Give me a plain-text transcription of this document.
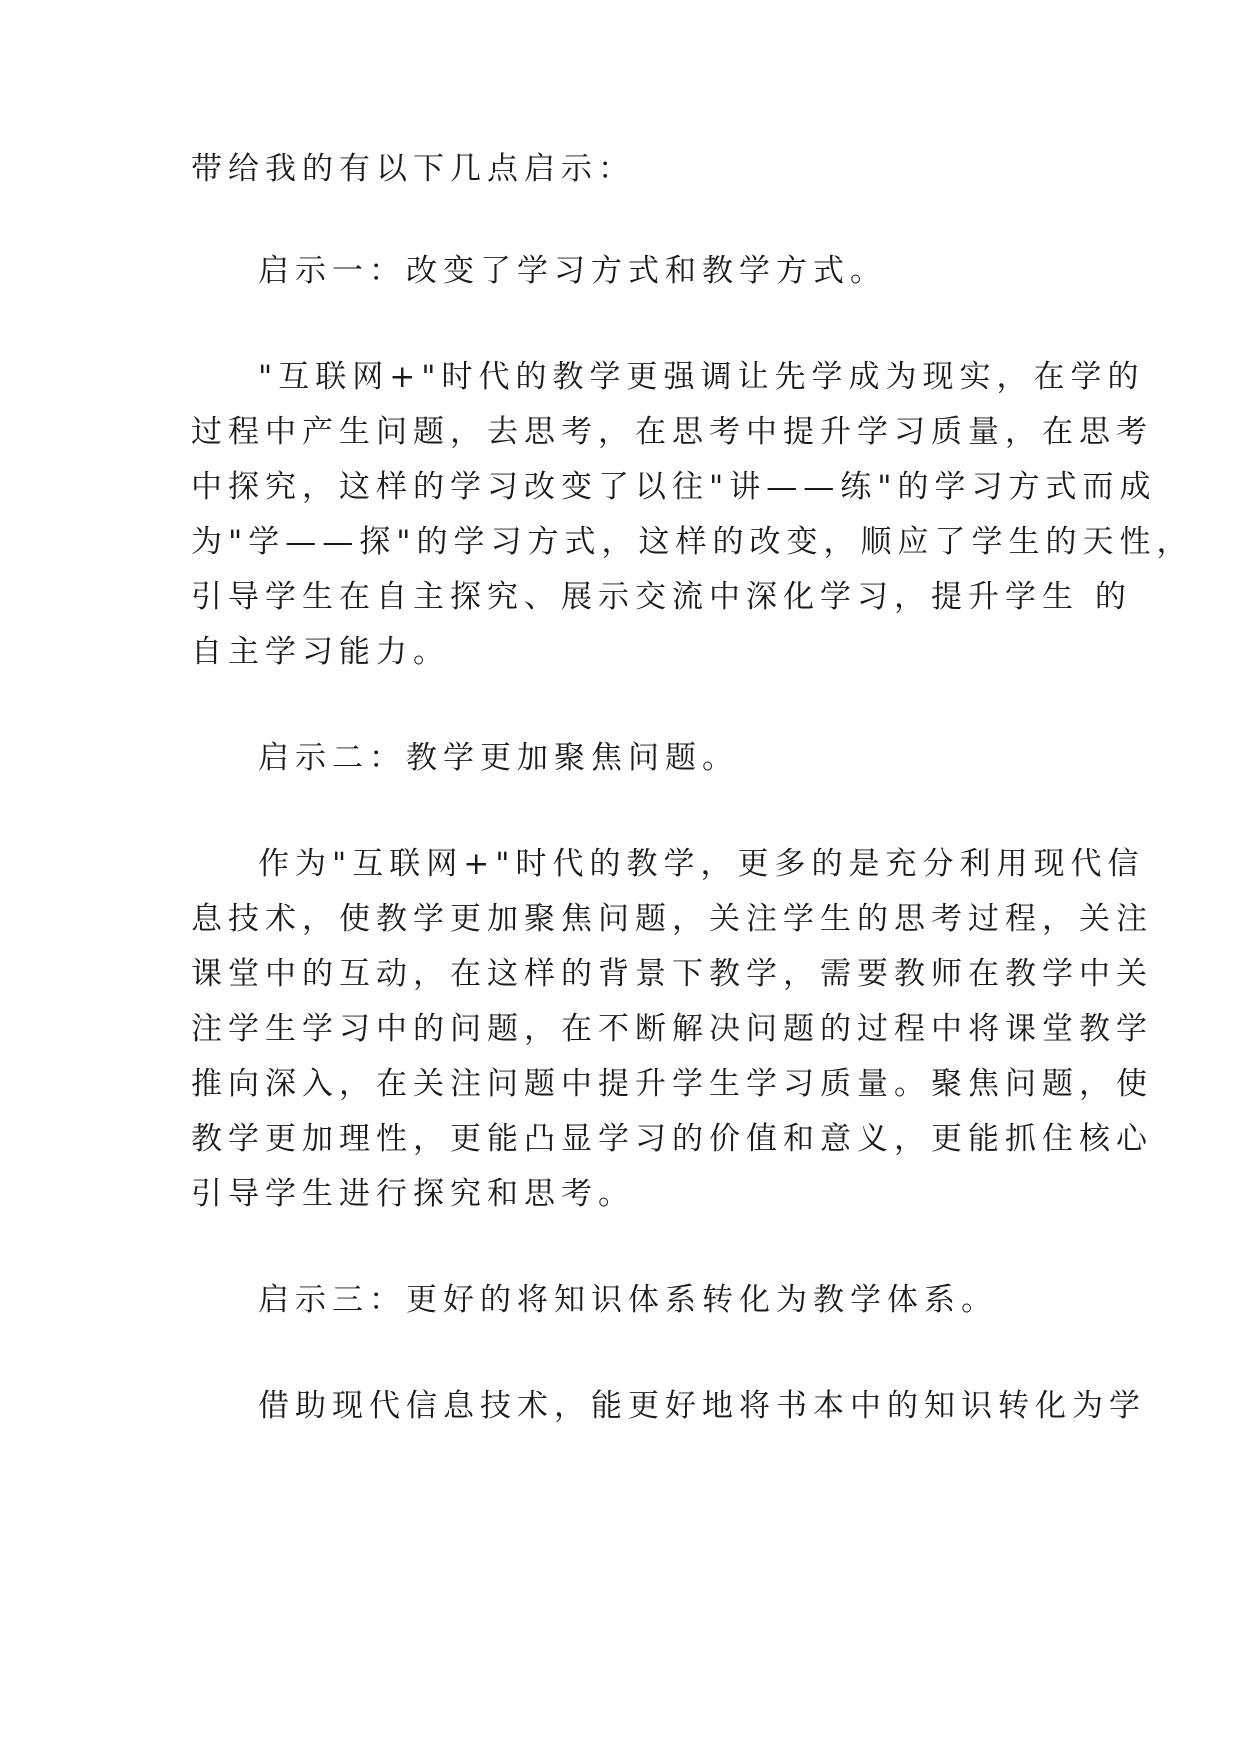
带给我的有以下几点启示：
启示一：改变了学习方式和教学方式。
"互联网+"时代的教学更强调让先学成为现实，在学的
过程中产生问题，去思考，在思考中提升学习质量，在思考
中探究，这样的学习改变了以往"讲——练"的学习方式而成
为"学——探"的学习方式，这样的改变，顺应了学生的天性，
引导学生在自主探究、展示交流中深化学习，提升学生 的
自主学习能力。
启示二：教学更加聚焦问题。
作为"互联网+"时代的教学，更多的是充分利用现代信
息技术，使教学更加聚焦问题，关注学生的思考过程，关注
课堂中的互动，在这样的背景下教学，需要教师在教学中关
注学生学习中的问题，在不断解决问题的过程中将课堂教学
推向深入，在关注问题中提升学生学习质量。聚焦问题，使
教学更加理性，更能凸显学习的价值和意义，更能抓住核心
引导学生进行探究和思考。
启示三：更好的将知识体系转化为教学体系。
借助现代信息技术，能更好地将书本中的知识转化为学
